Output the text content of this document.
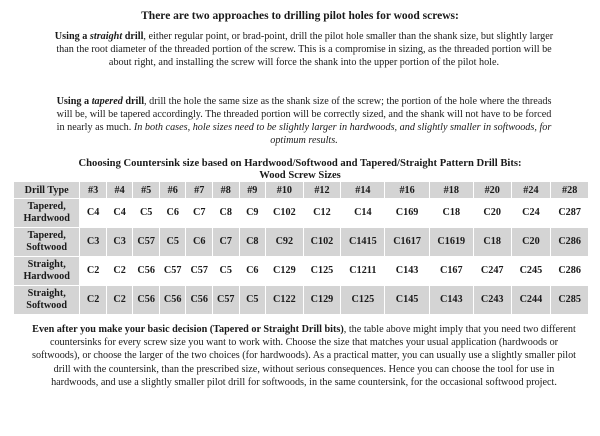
There are two approaches to drilling pilot holes for wood screws:
Using a straight drill, either regular point, or brad-point, drill the pilot hole smaller than the shank size, but slightly larger than the root diameter of the threaded portion of the screw. This is a compromise in sizing, as the threaded portion will be about right, and installing the screw will force the shank into the upper portion of the pilot hole.
Using a tapered drill, drill the hole the same size as the shank size of the screw; the portion of the hole where the threads will be, will be tapered accordingly. The threaded portion will be correctly sized, and the shank will not have to be forced in nearly as much. In both cases, hole sizes need to be slightly larger in hardwoods, and slightly smaller in softwoods, for optimum results.
Choosing Countersink size based on Hardwood/Softwood and Tapered/Straight Pattern Drill Bits:
Wood Screw Sizes
Drill Type	#3	#4	#5	#6	#7	#8	#9	#10	#12	#14	#16	#18	#20	#24	#28
Tapered,
Hardwood	C4	C4	C5	C6	C7	C8	C9	C102	C12	C14	C169	C18	C20	C24	C287
Tapered,
Softwood	C3	C3	C57	C5	C6	C7	C8	C92	C102	C1415	C1617	C1619	C18	C20	C286
Straight,
Hardwood	C2	C2	C56	C57	C57	C5	C6	C129	C125	C1211	C143	C167	C247	C245	C286
Straight,
Softwood	C2	C2	C56	C56	C56	C57	C5	C122	C129	C125	C145	C143	C243	C244	C285
Even after you make your basic decision (Tapered or Straight Drill bits), the table above might imply that you need two different countersinks for every screw size you want to work with. Choose the size that matches your usual application (hardwoods or softwoods), or choose the larger of the two choices (for hardwoods). As a practical matter, you can usually use a slightly smaller pilot drill with the countersink, than the prescribed size, without serious consequences. Hence you can choose the tool for use in hardwoods, and use a slightly smaller pilot drill for softwoods, in the same countersink, for the occasional softwood project.
